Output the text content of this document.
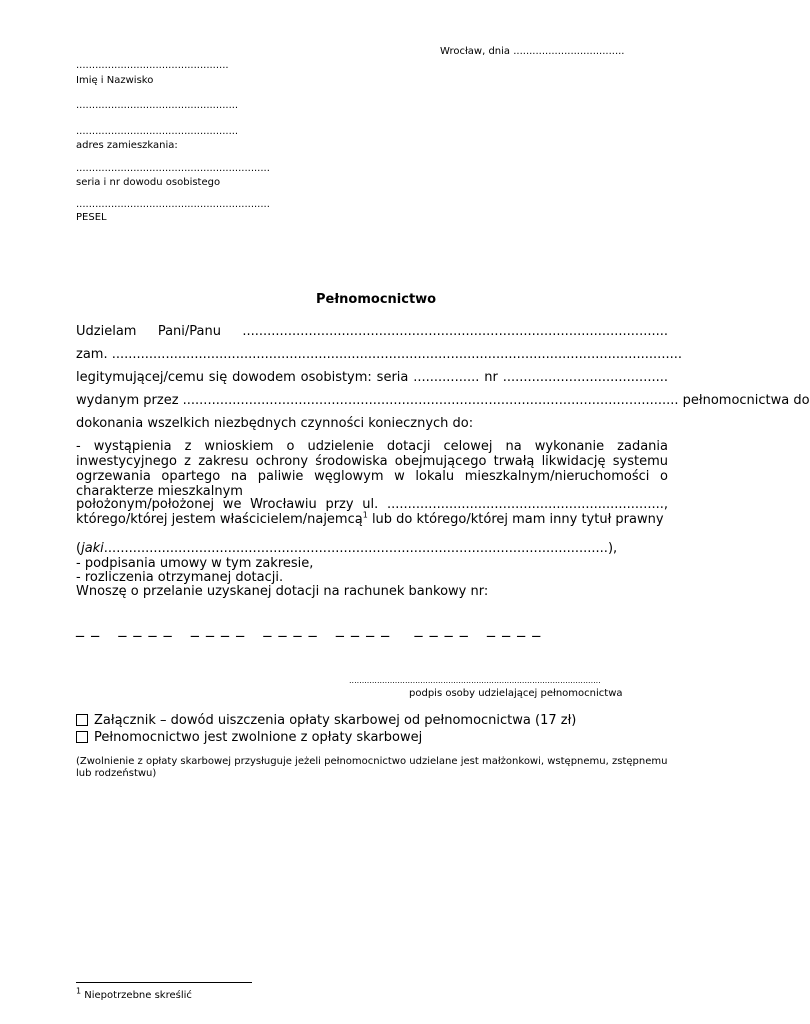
Wrocław, dnia ...................................
................................................
Imię i Nazwisko
...................................................
...................................................
adres zamieszkania:
.............................................................
seria i nr dowodu osobistego
.............................................................
PESEL
Pełnomocnictwo
Udzielam Pani/Panu .......................................................................................................
zam. ..........................................................................................................................................
legitymującej/cemu się dowodem osobistym: seria ................ nr ........................................
wydanym przez ........................................................................................................................ pełnomocnictwa do
dokonania wszelkich niezbędnych czynności koniecznych do:
- wystąpienia z wnioskiem o udzielenie dotacji celowej na wykonanie zadania inwestycyjnego z zakresu ochrony środowiska obejmującego trwałą likwidację systemu ogrzewania opartego na paliwie węglowym w lokalu mieszkalnym/nieruchomości o charakterze mieszkalnym
położonym/położonej we Wrocławiu przy ul. ...................................................................,
którego/której jestem właścicielem/najemcą$^1$ lub do którego/której mam inny tytuł prawny
(jaki..........................................................................................................................),
- podpisania umowy w tym zakresie,
- rozliczenia otrzymanej dotacji.
Wnoszę o przelanie uzyskanej dotacji na rachunek bankowy nr:
_ _   _ _ _ _   _ _ _ _   _ _ _ _   _ _ _ _    _ _ _ _   _ _ _ _
...................................................................................................
podpis osoby udzielającej pełnomocnictwa
Załącznik – dowód uiszczenia opłaty skarbowej od pełnomocnictwa (17 zł)
Pełnomocnictwo jest zwolnione z opłaty skarbowej
(Zwolnienie z opłaty skarbowej przysługuje jeżeli pełnomocnictwo udzielane jest małżonkowi, wstępnemu, zstępnemu lub rodzeństwu)
$^1$ Niepotrzebne skreślić
